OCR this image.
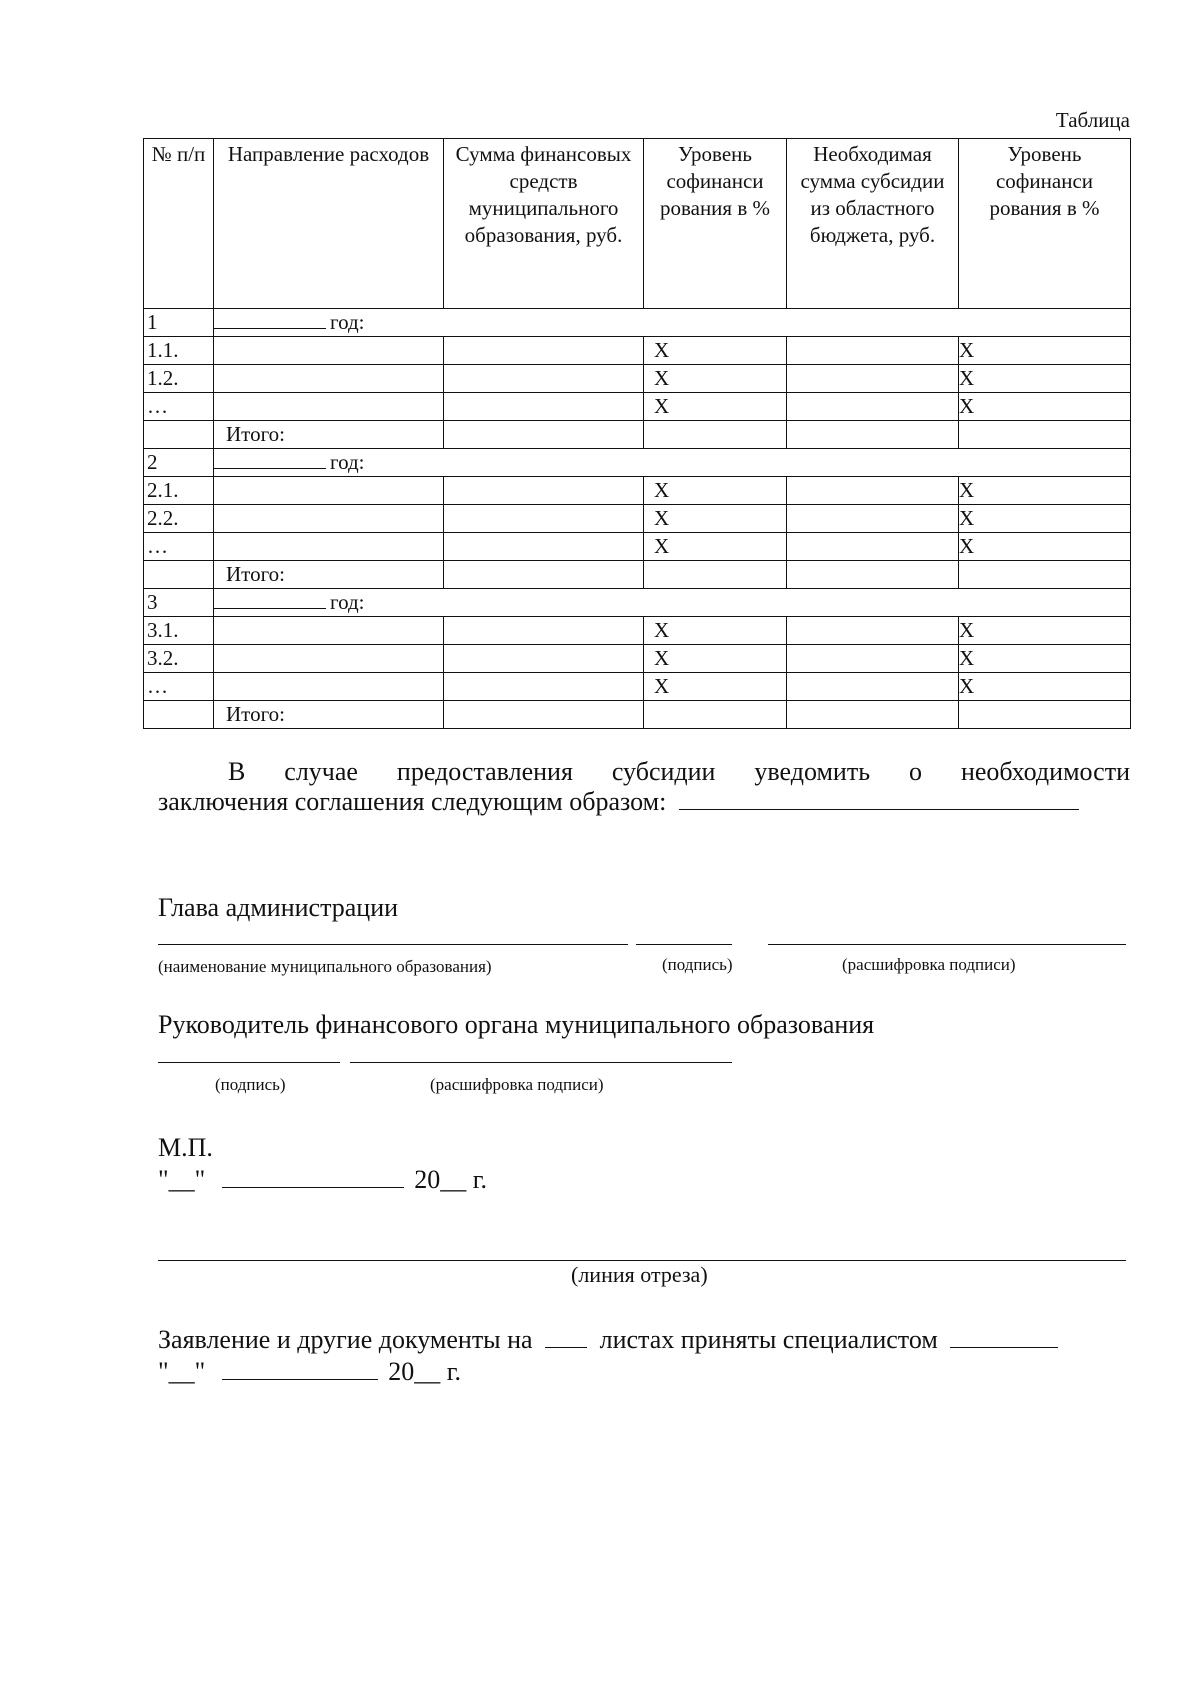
Таблица
№ п/п	Направление расходов	Сумма финансовых средств муниципального образования, руб.	Уровень софинанси рования в %	Необходимая сумма субсидии из областного бюджета, руб.	Уровень софинанси рования в %
1	год:				
1.1.			X		X
1.2.			X		X
…			X		X
	Итого:				
2	год:				
2.1.			X		X
2.2.			X		X
…			X		X
	Итого:				
3	год:				
3.1.			X		X
3.2.			X		X
…			X		X
	Итого:				
В случае предоставления субсидии уведомить о необходимости
заключения соглашения следующим образом:
Глава администрации
(наименование муниципального образования)	(подпись)	(расшифровка подписи)
Руководитель финансового органа муниципального образования
(подпись)	(расшифровка подписи)
М.П.
"__"	20__ г.
(линия отреза)
Заявление и другие документы на	листах приняты специалистом
"__"	20__ г.
